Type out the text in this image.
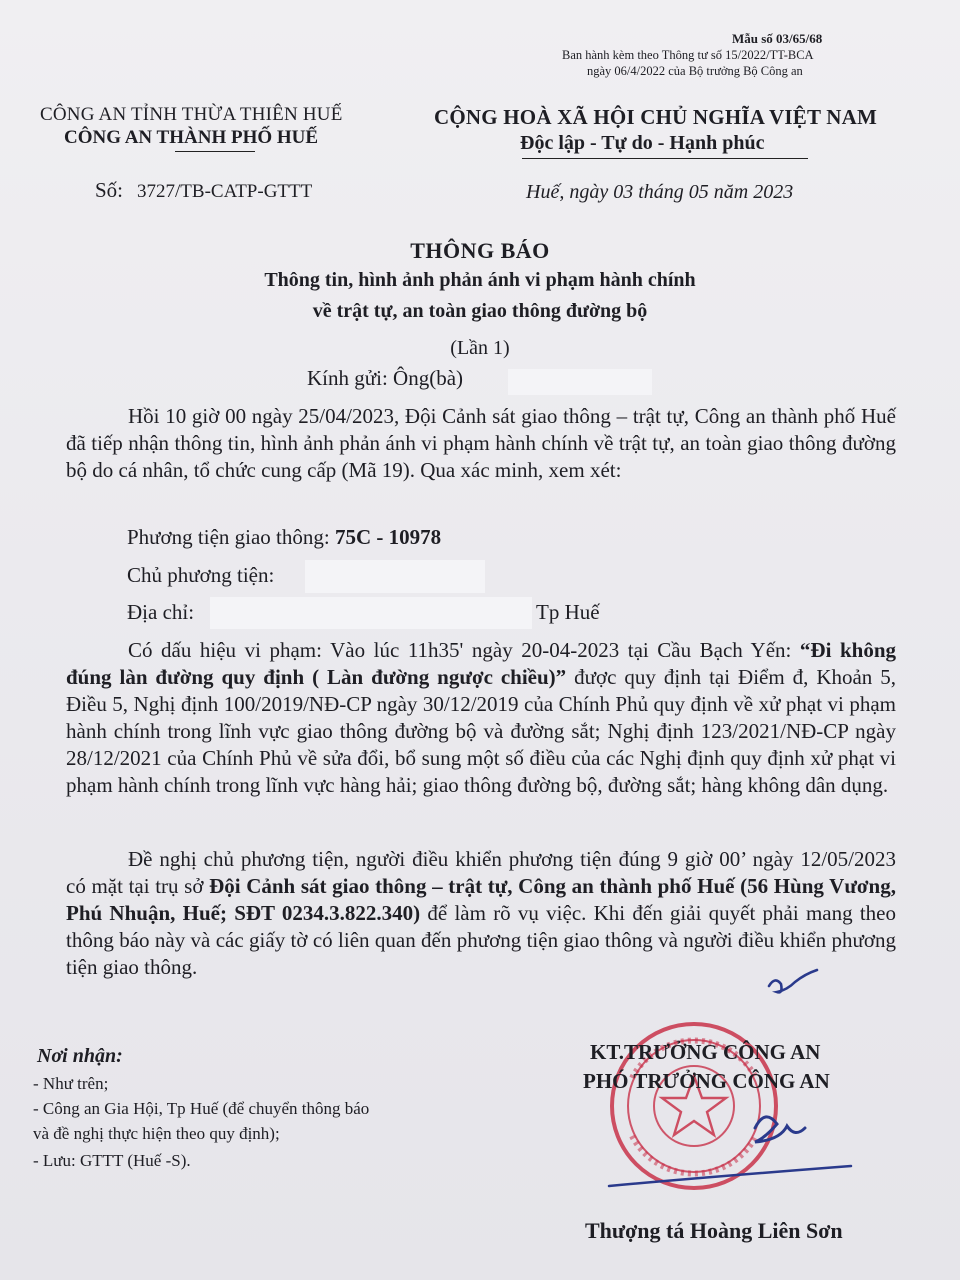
Mẫu số 03/65/68
Ban hành kèm theo Thông tư số 15/2022/TT-BCA
ngày 06/4/2022 của Bộ trưởng Bộ Công an
CÔNG AN TỈNH THỪA THIÊN HUẾ
CÔNG AN THÀNH PHỐ HUẾ
CỘNG HOÀ XÃ HỘI CHỦ NGHĨA VIỆT NAM
Độc lập - Tự do - Hạnh phúc
Số: 3727/TB-CATP-GTTT	Huế, ngày 03 tháng 05 năm 2023
THÔNG BÁO
Thông tin, hình ảnh phản ánh vi phạm hành chính
về trật tự, an toàn giao thông đường bộ
(Lần 1)
Kính gửi: Ông(bà)
Hồi 10 giờ 00 ngày 25/04/2023, Đội Cảnh sát giao thông – trật tự, Công an thành phố Huế đã tiếp nhận thông tin, hình ảnh phản ánh vi phạm hành chính về trật tự, an toàn giao thông đường bộ do cá nhân, tổ chức cung cấp (Mã 19). Qua xác minh, xem xét:
Phương tiện giao thông: 75C - 10978
Chủ phương tiện:
Địa chỉ:	Tp Huế
Có dấu hiệu vi phạm: Vào lúc 11h35' ngày 20-04-2023 tại Cầu Bạch Yến: “Đi không đúng làn đường quy định ( Làn đường ngược chiều)” được quy định tại Điểm đ, Khoản 5, Điều 5, Nghị định 100/2019/NĐ-CP ngày 30/12/2019 của Chính Phủ quy định về xử phạt vi phạm hành chính trong lĩnh vực giao thông đường bộ và đường sắt; Nghị định 123/2021/NĐ-CP ngày 28/12/2021 của Chính Phủ về sửa đổi, bổ sung một số điều của các Nghị định quy định xử phạt vi phạm hành chính trong lĩnh vực hàng hải; giao thông đường bộ, đường sắt; hàng không dân dụng.
Đề nghị chủ phương tiện, người điều khiển phương tiện đúng 9 giờ 00’ ngày 12/05/2023 có mặt tại trụ sở Đội Cảnh sát giao thông – trật tự, Công an thành phố Huế (56 Hùng Vương, Phú Nhuận, Huế; SĐT 0234.3.822.340) để làm rõ vụ việc. Khi đến giải quyết phải mang theo thông báo này và các giấy tờ có liên quan đến phương tiện giao thông và người điều khiển phương tiện giao thông.
Nơi nhận:
- Như trên;
- Công an Gia Hội, Tp Huế (để chuyển thông báo
và đề nghị thực hiện theo quy định);
- Lưu: GTTT (Huế -S).
KT.TRƯỞNG CÔNG AN
PHÓ TRƯỞNG CÔNG AN
Thượng tá Hoàng Liên Sơn
